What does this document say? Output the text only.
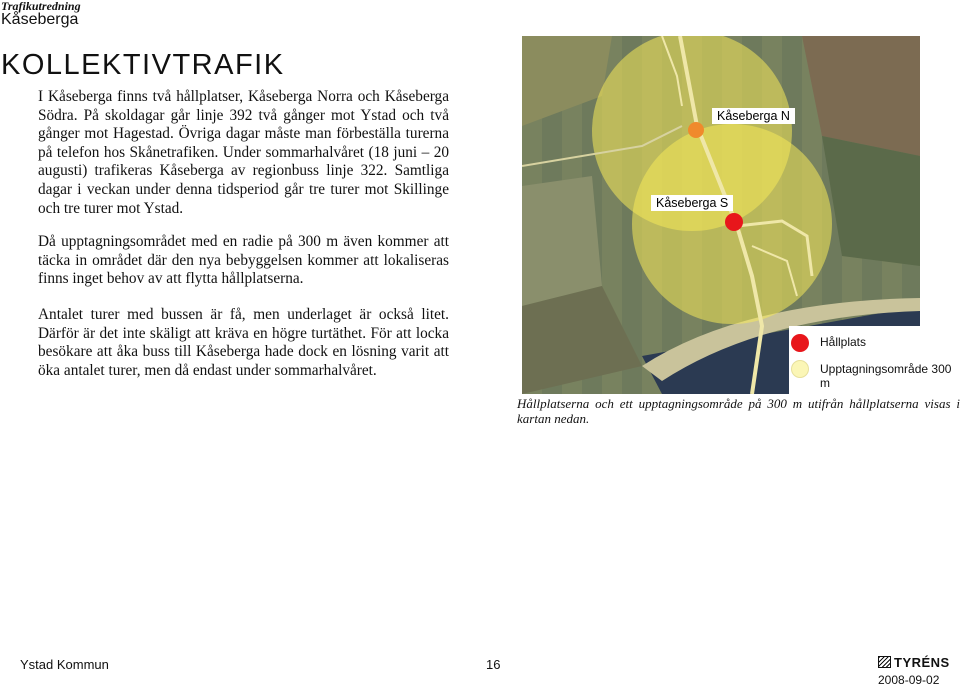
Trafikutredning
Kåseberga
KOLLEKTIVTRAFIK

I Kåseberga finns två hållplatser, Kåseberga Norra och Kåseberga Södra. På skoldagar går linje 392 två gånger mot Ystad och två gånger mot Hagestad. Övriga dagar måste man förbeställa turerna på telefon hos Skånetrafiken. Under sommarhalvåret (18 juni – 20 augusti) trafikeras Kåseberga av regionbuss linje 322. Samtliga dagar i veckan under denna tidsperiod går tre turer mot Skillinge och tre turer mot Ystad.

Då upptagningsområdet med en radie på 300 m även kommer att täcka in området där den nya bebyggelsen kommer att lokaliseras finns inget behov av att flytta hållplatserna.

Antalet turer med bussen är få, men underlaget är också litet. Därför är det inte skäligt att kräva en högre turtäthet. För att locka besökare att åka buss till Kåseberga hade dock en lösning varit att öka antalet turer, men då endast under sommarhalvåret.

Kåseberga N
Kåseberga S
Hållplats
Upptagningsområde 300 m
Hållplatserna och ett upptagningsområde på 300 m utifrån hållplatserna visas i kartan nedan.
Ystad Kommun	16	TYRÉNS
2008-09-02
